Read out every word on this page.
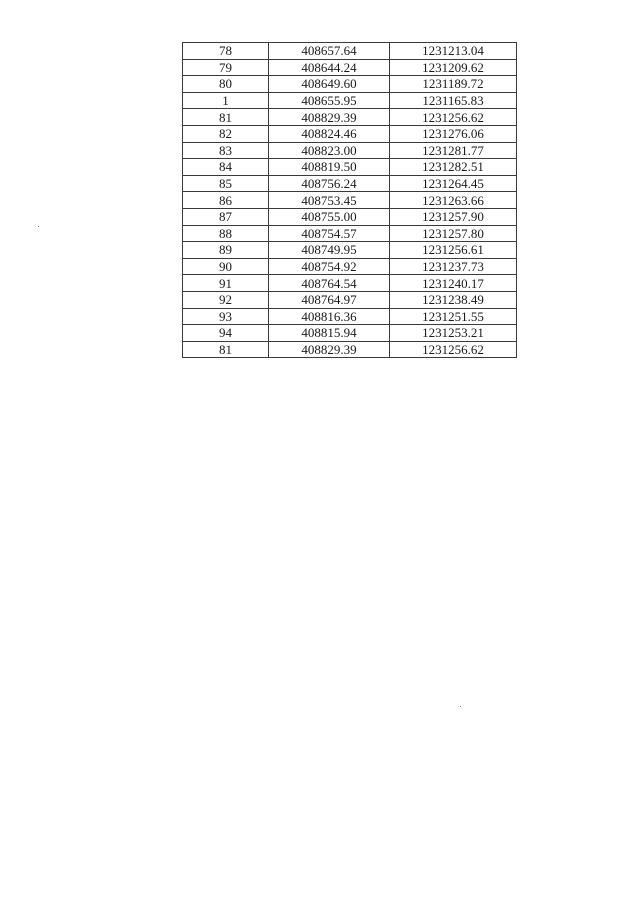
78	408657.64	1231213.04
79	408644.24	1231209.62
80	408649.60	1231189.72
1	408655.95	1231165.83
81	408829.39	1231256.62
82	408824.46	1231276.06
83	408823.00	1231281.77
84	408819.50	1231282.51
85	408756.24	1231264.45
86	408753.45	1231263.66
87	408755.00	1231257.90
88	408754.57	1231257.80
89	408749.95	1231256.61
90	408754.92	1231237.73
91	408764.54	1231240.17
92	408764.97	1231238.49
93	408816.36	1231251.55
94	408815.94	1231253.21
81	408829.39	1231256.62
